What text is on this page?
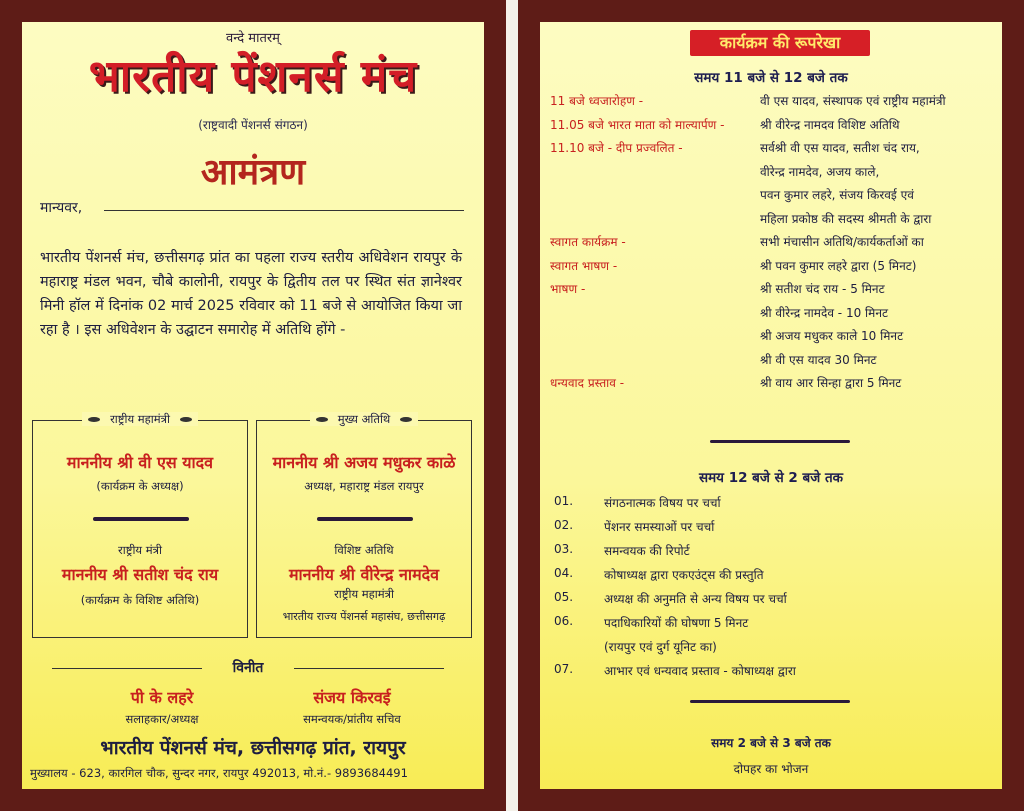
वन्दे मातरम्
भारतीय पेंशनर्स मंच
(राष्ट्रवादी पेंशनर्स संगठन)
आमंत्रण
मान्यवर,
भारतीय पेंशनर्स मंच, छत्तीसगढ़ प्रांत का पहला राज्य स्तरीय अधिवेशन रायपुर के महाराष्ट्र मंडल भवन, चौबे कालोनी, रायपुर के द्वितीय तल पर स्थित संत ज्ञानेश्वर मिनी हॉल में दिनांक 02 मार्च 2025 रविवार को 11 बजे से आयोजित किया जा रहा है । इस अधिवेशन के उद्घाटन समारोह में अतिथि होंगे -
राष्ट्रीय महामंत्री
माननीय श्री वी एस यादव
(कार्यक्रम के अध्यक्ष)
राष्ट्रीय मंत्री
माननीय श्री सतीश चंद राय
(कार्यक्रम के विशिष्ट अतिथि)
मुख्य अतिथि
माननीय श्री अजय मधुकर काळे
अध्यक्ष, महाराष्ट्र मंडल रायपुर
विशिष्ट अतिथि
माननीय श्री वीरेन्द्र नामदेव
राष्ट्रीय महामंत्री
भारतीय राज्य पेंशनर्स महासंघ, छत्तीसगढ़
विनीत
पी के लहरे
सलाहकार/अध्यक्ष
संजय किरवई
समन्वयक/प्रांतीय सचिव
भारतीय पेंशनर्स मंच, छत्तीसगढ़ प्रांत, रायपुर
मुख्यालय - 623, कारगिल चौक, सुन्दर नगर, रायपुर 492013, मो.नं.- 9893684491
कार्यक्रम की रूपरेखा
समय 11 बजे से 12 बजे तक
11 बजे ध्वजारोहण -	वी एस यादव, संस्थापक एवं राष्ट्रीय महामंत्री
11.05 बजे भारत माता को माल्यार्पण -	श्री वीरेन्द्र नामदव विशिष्ट अतिथि
11.10 बजे - दीप प्रज्वलित -	सर्वश्री वी एस यादव, सतीश चंद राय,
वीरेन्द्र नामदेव, अजय काले,
पवन कुमार लहरे, संजय किरवई एवं
महिला प्रकोष्ठ की सदस्य श्रीमती के द्वारा
स्वागत कार्यक्रम -	सभी मंचासीन अतिथि/कार्यकर्ताओं का
स्वागत भाषण -	श्री पवन कुमार लहरे द्वारा (5 मिनट)
भाषण -	श्री सतीश चंद राय - 5 मिनट
श्री वीरेन्द्र नामदेव - 10 मिनट
श्री अजय मधुकर काले 10 मिनट
श्री वी एस यादव 30 मिनट
धन्यवाद प्रस्ताव -	श्री वाय आर सिन्हा द्वारा 5 मिनट
समय 12 बजे से 2 बजे तक
01.	संगठनात्मक विषय पर चर्चा
02.	पेंशनर समस्याओं पर चर्चा
03.	समन्वयक की रिपोर्ट
04.	कोषाध्यक्ष द्वारा एकएउंट्स की प्रस्तुति
05.	अध्यक्ष की अनुमति से अन्य विषय पर चर्चा
06.	पदाधिकारियों की घोषणा 5 मिनट
(रायपुर एवं दुर्ग यूनिट का)
07.	आभार एवं धन्यवाद प्रस्ताव - कोषाध्यक्ष द्वारा
समय 2 बजे से 3 बजे तक
दोपहर का भोजन
